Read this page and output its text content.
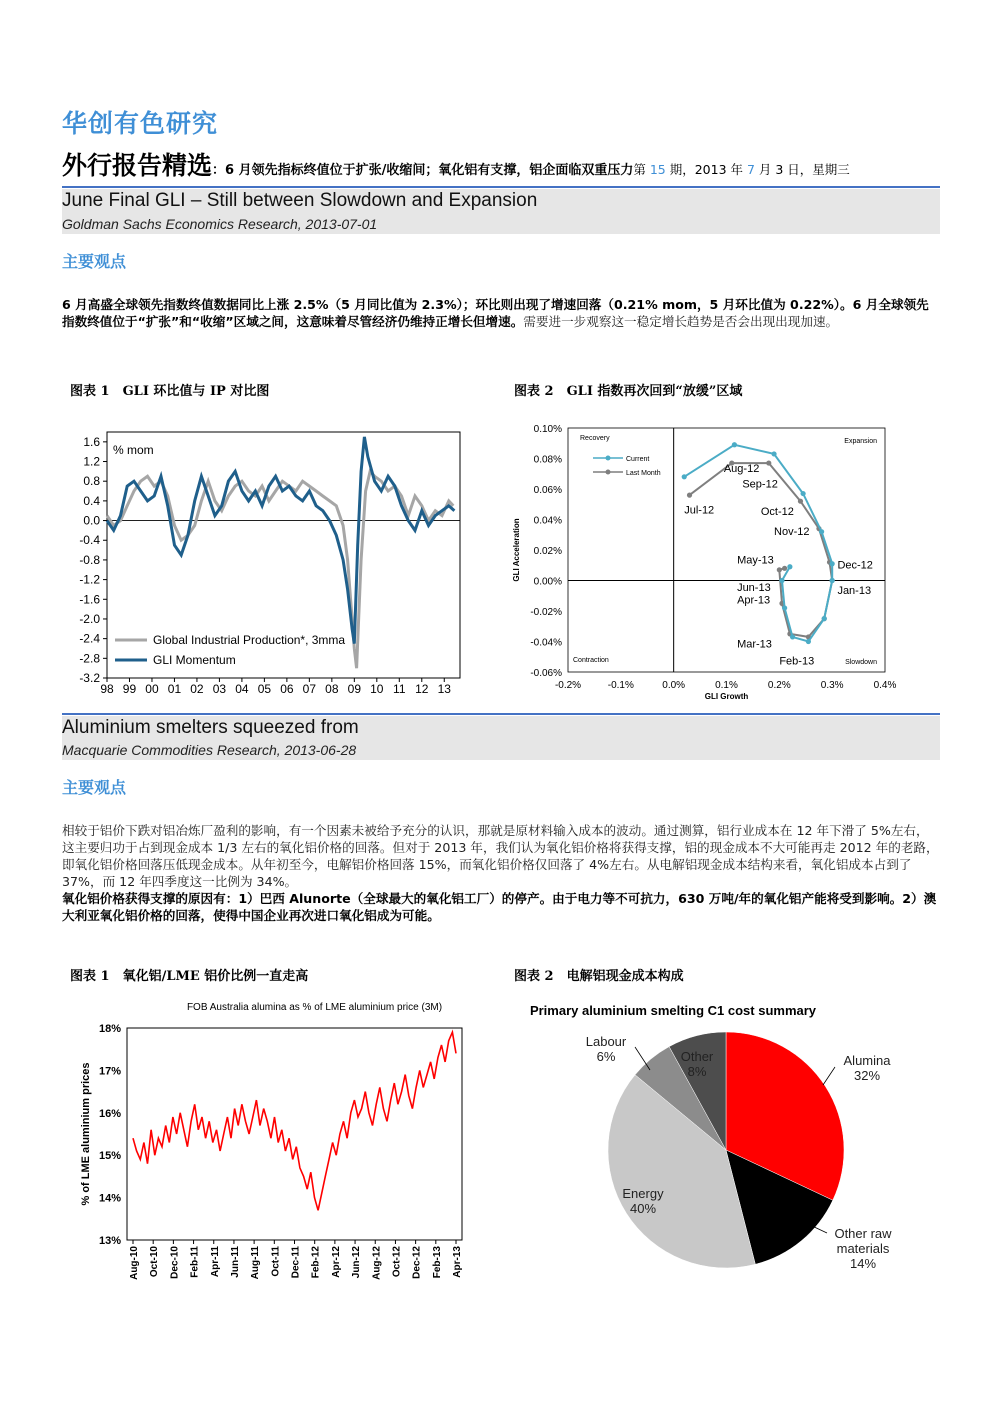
华创有色研究
外行报告精选：6 月领先指标终值位于扩张/收缩间；氧化铝有支撑，铝企面临双重压力第 15 期，2013 年 7 月 3 日，星期三
June Final GLI – Still between Slowdown and Expansion
Goldman Sachs Economics Research, 2013-07-01
主要观点
6 月高盛全球领先指数终值数据同比上涨 2.5%（5 月同比值为 2.3%）；环比则出现了增速回落（0.21% mom，5 月环比值为 0.22%）。6 月全球领先指数终值位于“扩张”和“收缩”区域之间，这意味着尽管经济仍维持正增长但增速。需要进一步观察这一稳定增长趋势是否会出现出现加速。
图表 1　GLI 环比值与 IP 对比图	图表 2　GLI 指数再次回到“放缓”区域
1.6
1.2
0.8
0.4
0.0
-0.4
-0.8
-1.2
-1.6
-2.0
-2.4
-2.8
-3.2
98 99 00 01 02 03 04 05 06 07 08 09 10 11 12 13
% mom
Global Industrial Production*, 3mma
GLI Momentum
0.10%
0.08%
0.06%
0.04%
0.02%
0.00%
-0.02%
-0.04%
-0.06%
-0.2%	-0.1%	0.0%	0.1%	0.2%	0.3%	0.4%
GLI Growth
GLI Acceleration
Recovery	Expansion
Contraction	Slowdown
Current
Last Month	Aug-12
Sep-12
Jul-12	Oct-12
Nov-12
Dec-12
Jan-13
May-13
Jun-13
Apr-13
Mar-13
Feb-13
Aluminium smelters squeezed from
Macquarie Commodities Research, 2013-06-28
主要观点
相较于铝价下跌对铝冶炼厂盈利的影响，有一个因素未被给予充分的认识，那就是原材料输入成本的波动。通过测算，铝行业成本在 12 年下滑了 5%左右，这主要归功于占到现金成本 1/3 左右的氧化铝价格的回落。但对于 2013 年，我们认为氧化铝价格将获得支撑，铝的现金成本不大可能再走 2012 年的老路，即氧化铝价格回落压低现金成本。从年初至今，电解铝价格回落 15%，而氧化铝价格仅回落了 4%左右。从电解铝现金成本结构来看，氧化铝成本占到了 37%，而 12 年四季度这一比例为 34%。
氧化铝价格获得支撑的原因有：1）巴西 Alunorte（全球最大的氧化铝工厂）的停产。由于电力等不可抗力，630 万吨/年的氧化铝产能将受到影响。2）澳大利亚氧化铝价格的回落，使得中国企业再次进口氧化铝成为可能。
图表 1　氧化铝/LME 铝价比例一直走高	图表 2　电解铝现金成本构成
FOB Australia alumina as % of LME aluminium price (3M)
18%
17%
16%
15%
14%
13%
% of LME aluminium prices
Aug-10 Oct-10 Dec-10 Feb-11 Apr-11 Jun-11 Aug-11 Oct-11 Dec-11 Feb-12 Apr-12 Jun-12 Aug-12 Oct-12 Dec-12 Feb-13 Apr-13
Primary aluminium smelting C1 cost summary
Alumina
32%
Other raw
materials
14%
Energy
40%
Labour
6%	Other
8%
